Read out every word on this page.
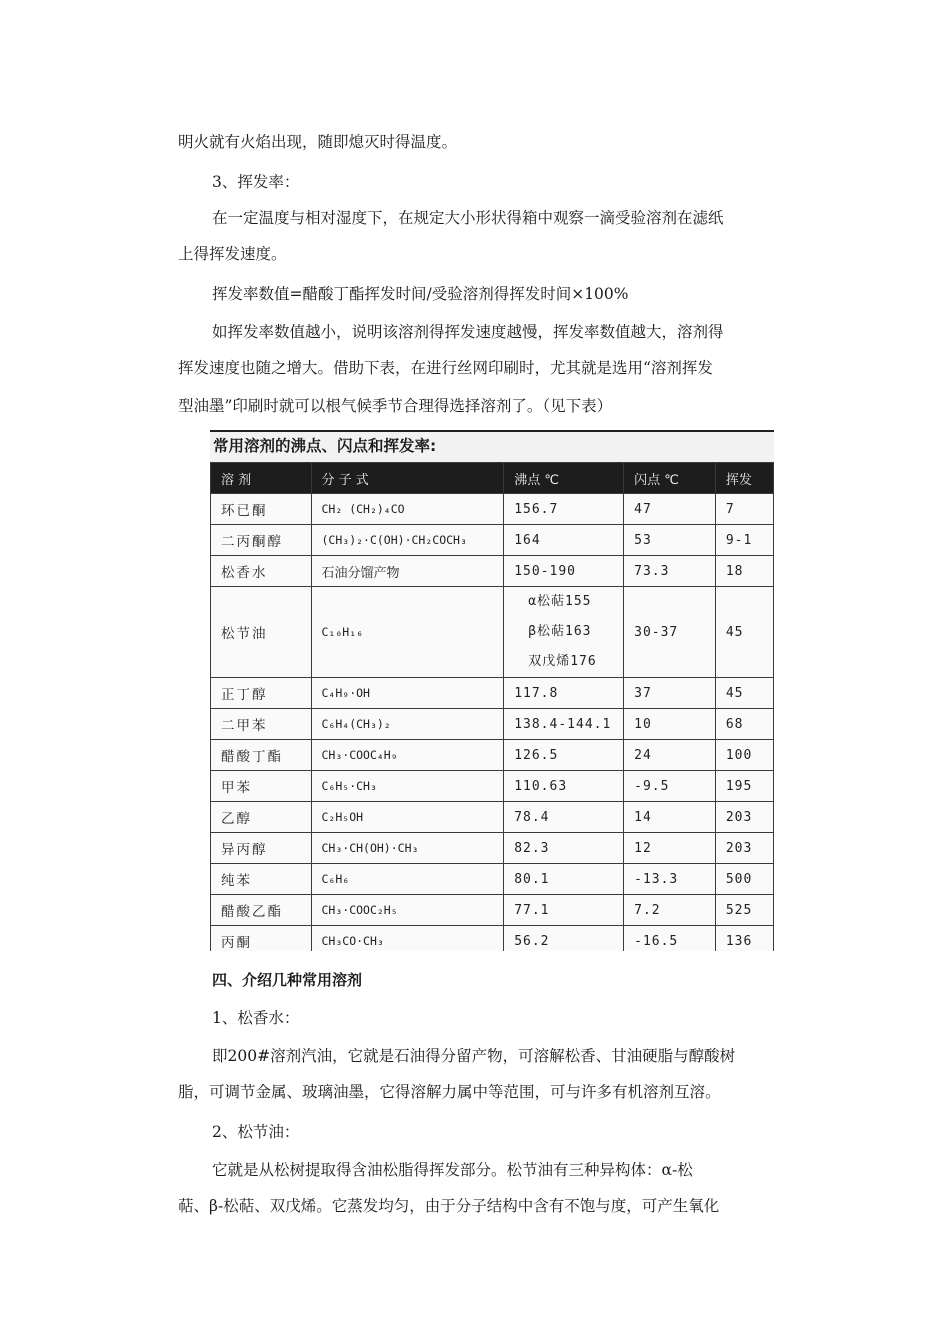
明火就有火焰出现，随即熄灭时得温度。
3、挥发率：
在一定温度与相对湿度下，在规定大小形状得箱中观察一滴受验溶剂在滤纸
上得挥发速度。
挥发率数值=醋酸丁酯挥发时间/受验溶剂得挥发时间×100%
如挥发率数值越小，说明该溶剂得挥发速度越慢，挥发率数值越大，溶剂得
挥发速度也随之增大。借助下表，在进行丝网印刷时，尤其就是选用“溶剂挥发
型油墨”印刷时就可以根气候季节合理得选择溶剂了。（见下表）
常用溶剂的沸点、闪点和挥发率:
溶 剂	分 子 式	沸点 ℃	闪点 ℃	挥发
环已酮	CH₂ (CH₂)₄CO	156.7	47	7
二丙酮醇	(CH₃)₂·C(OH)·CH₂COCH₃	164	53	9-1
松香水	石油分馏产物	150-190	73.3	18
松节油	C₁₀H₁₆	α松萜155
β松萜163
双戊烯176	30-37	45
正丁醇	C₄H₉·OH	117.8	37	45
二甲苯	C₆H₄(CH₃)₂	138.4-144.1	10	68
醋酸丁酯	CH₃·COOC₄H₉	126.5	24	100
甲苯	C₆H₅·CH₃	110.63	-9.5	195
乙醇	C₂H₅OH	78.4	14	203
异丙醇	CH₃·CH(OH)·CH₃	82.3	12	203
纯苯	C₆H₆	80.1	-13.3	500
醋酸乙酯	CH₃·COOC₂H₅	77.1	7.2	525
丙酮	CH₃CO·CH₃	56.2	-16.5	136
四、介绍几种常用溶剂
1、松香水：
即200#溶剂汽油，它就是石油得分留产物，可溶解松香、甘油硬脂与醇酸树
脂，可调节金属、玻璃油墨，它得溶解力属中等范围，可与许多有机溶剂互溶。
2、松节油：
它就是从松树提取得含油松脂得挥发部分。松节油有三种异构体：α-松
萜、β-松萜、双戊烯。它蒸发均匀，由于分子结构中含有不饱与度，可产生氧化
